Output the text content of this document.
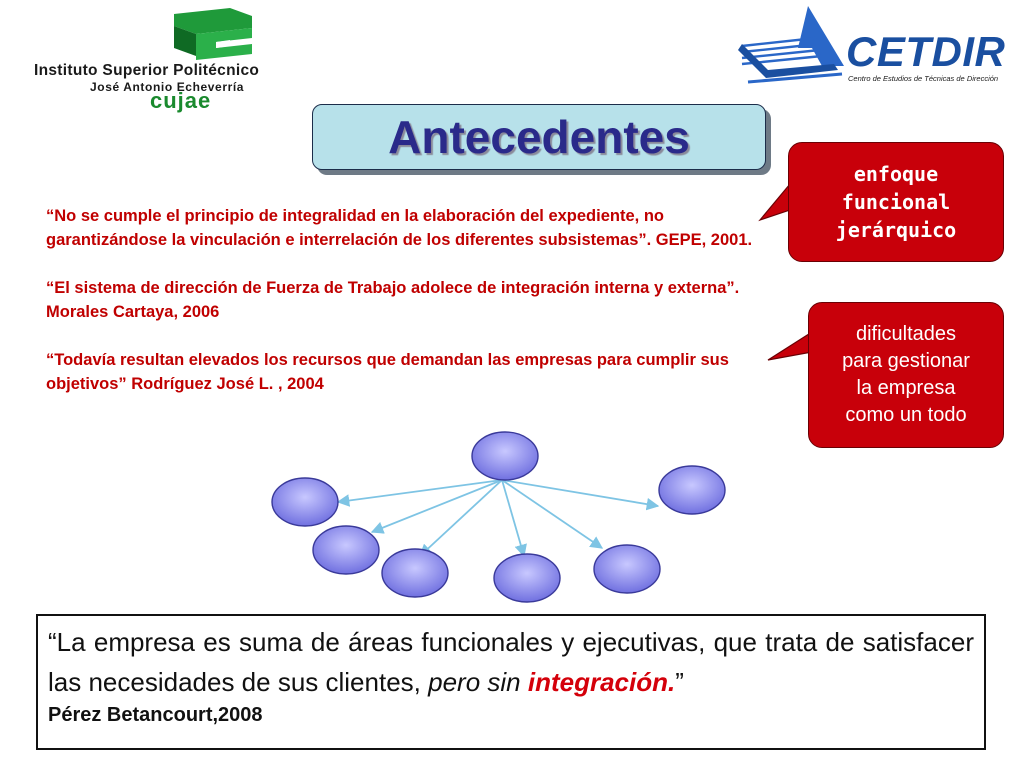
Instituto Superior Politécnico
José Antonio Echeverría
cujae
CETDIR
Centro de Estudios de Técnicas de Dirección
Antecedentes
enfoque
funcional
jerárquico
dificultades
para gestionar
la empresa
como un todo

“No se cumple el principio de integralidad en la elaboración del expediente, no garantizándose la vinculación e interrelación de los diferentes subsistemas”. GEPE, 2001.

“El sistema de dirección de Fuerza de Trabajo adolece de integración interna y externa”. Morales Cartaya, 2006

“Todavía resultan elevados los recursos que demandan las empresas para cumplir sus objetivos” Rodríguez José L. , 2004

“La empresa es suma de áreas funcionales y ejecutivas, que trata de satisfacer las necesidades de sus clientes, pero sin integración.”
Pérez Betancourt,2008
